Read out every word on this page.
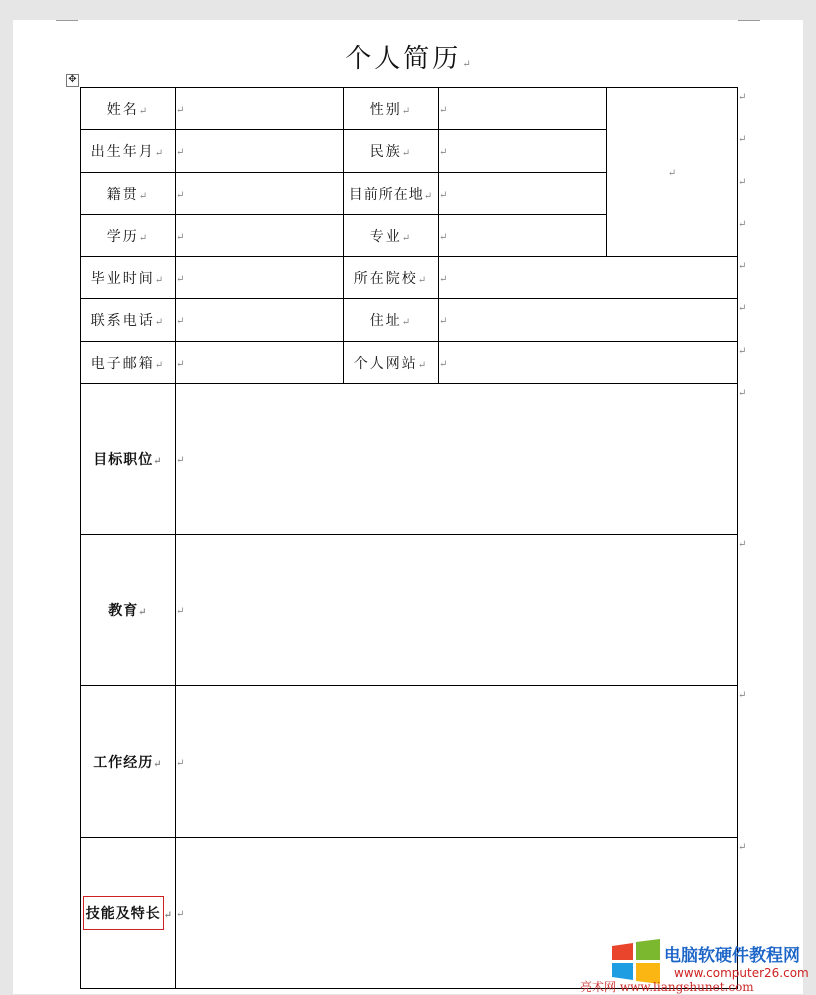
个人简历↵
✥
姓名↵	↵	性别↵	↵	↵
出生年月↵	↵	民族↵	↵	
籍贯↵	↵	目前所在地↵	↵	
学历↵	↵	专业↵	↵	
毕业时间↵	↵	所在院校↵	↵	
联系电话↵	↵	住址↵	↵	
电子邮箱↵	↵	个人网站↵	↵	
目标职位↵	↵			
教育↵	↵			
工作经历↵	↵			
技能及特长 ↵	↵			
↵
↵
↵
↵
↵
↵
↵
↵
↵
↵
↵
电脑软硬件教程网
www.computer26.com
亮术网 www.liangshunet.com
